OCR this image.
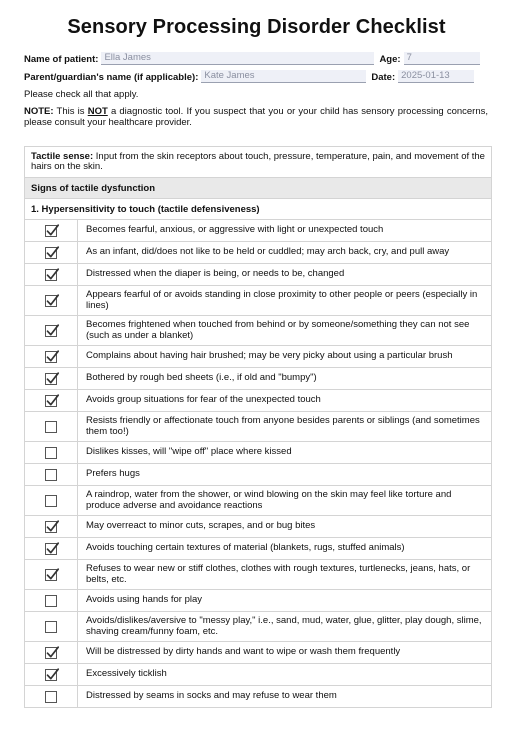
Sensory Processing Disorder Checklist
Name of patient: Ella James	Age: 7
Parent/guardian's name (if applicable): Kate James	Date: 2025-01-13
Please check all that apply.
NOTE: This is NOT a diagnostic tool. If you suspect that you or your child has sensory processing concerns, please consult your healthcare provider.
Tactile sense: Input from the skin receptors about touch, pressure, temperature, pain, and movement of the hairs on the skin.	
Signs of tactile dysfunction	
1. Hypersensitivity to touch (tactile defensiveness)	

	Becomes fearful, anxious, or aggressive with light or unexpected touch

	As an infant, did/does not like to be held or cuddled; may arch back, cry, and pull away

	Distressed when the diaper is being, or needs to be, changed

	Appears fearful of or avoids standing in close proximity to other people or peers (especially in lines)

	Becomes frightened when touched from behind or by someone/something they can not see (such as under a blanket)

	Complains about having hair brushed; may be very picky about using a particular brush

	Bothered by rough bed sheets (i.e., if old and "bumpy")

	Avoids group situations for fear of the unexpected touch
	Resists friendly or affectionate touch from anyone besides parents or siblings (and sometimes them too!)
	Dislikes kisses, will "wipe off" place where kissed
	Prefers hugs
	A raindrop, water from the shower, or wind blowing on the skin may feel like torture and produce adverse and avoidance reactions

	May overreact to minor cuts, scrapes, and or bug bites

	Avoids touching certain textures of material (blankets, rugs, stuffed animals)

	Refuses to wear new or stiff clothes, clothes with rough textures, turtlenecks, jeans, hats, or belts, etc.
	Avoids using hands for play
	Avoids/dislikes/aversive to "messy play," i.e., sand, mud, water, glue, glitter, play dough, slime, shaving cream/funny foam, etc.

	Will be distressed by dirty hands and want to wipe or wash them frequently

	Excessively ticklish
	Distressed by seams in socks and may refuse to wear them
